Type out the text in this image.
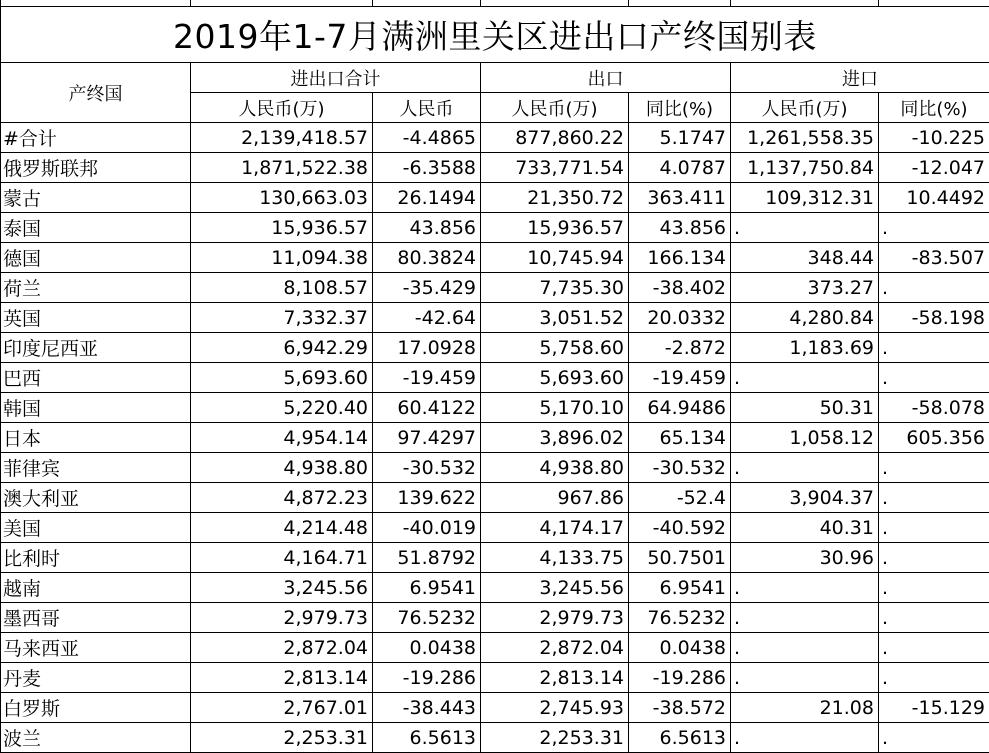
2019年1-7月满洲里关区进出口产终国别表
产终国	进出口合计		出口		进口	
	人民币(万)	人民币	人民币(万)	同比(%)	人民币(万)	同比(%)
#合计	2,139,418.57	-4.4865	877,860.22	5.1747	1,261,558.35	-10.225
俄罗斯联邦	1,871,522.38	-6.3588	733,771.54	4.0787	1,137,750.84	-12.047
蒙古	130,663.03	26.1494	21,350.72	363.411	109,312.31	10.4492
泰国	15,936.57	43.856	15,936.57	43.856	.	.
德国	11,094.38	80.3824	10,745.94	166.134	348.44	-83.507
荷兰	8,108.57	-35.429	7,735.30	-38.402	373.27	.
英国	7,332.37	-42.64	3,051.52	20.0332	4,280.84	-58.198
印度尼西亚	6,942.29	17.0928	5,758.60	-2.872	1,183.69	.
巴西	5,693.60	-19.459	5,693.60	-19.459	.	.
韩国	5,220.40	60.4122	5,170.10	64.9486	50.31	-58.078
日本	4,954.14	97.4297	3,896.02	65.134	1,058.12	605.356
菲律宾	4,938.80	-30.532	4,938.80	-30.532	.	.
澳大利亚	4,872.23	139.622	967.86	-52.4	3,904.37	.
美国	4,214.48	-40.019	4,174.17	-40.592	40.31	.
比利时	4,164.71	51.8792	4,133.75	50.7501	30.96	.
越南	3,245.56	6.9541	3,245.56	6.9541	.	.
墨西哥	2,979.73	76.5232	2,979.73	76.5232	.	.
马来西亚	2,872.04	0.0438	2,872.04	0.0438	.	.
丹麦	2,813.14	-19.286	2,813.14	-19.286	.	.
白罗斯	2,767.01	-38.443	2,745.93	-38.572	21.08	-15.129
波兰	2,253.31	6.5613	2,253.31	6.5613	.	.
